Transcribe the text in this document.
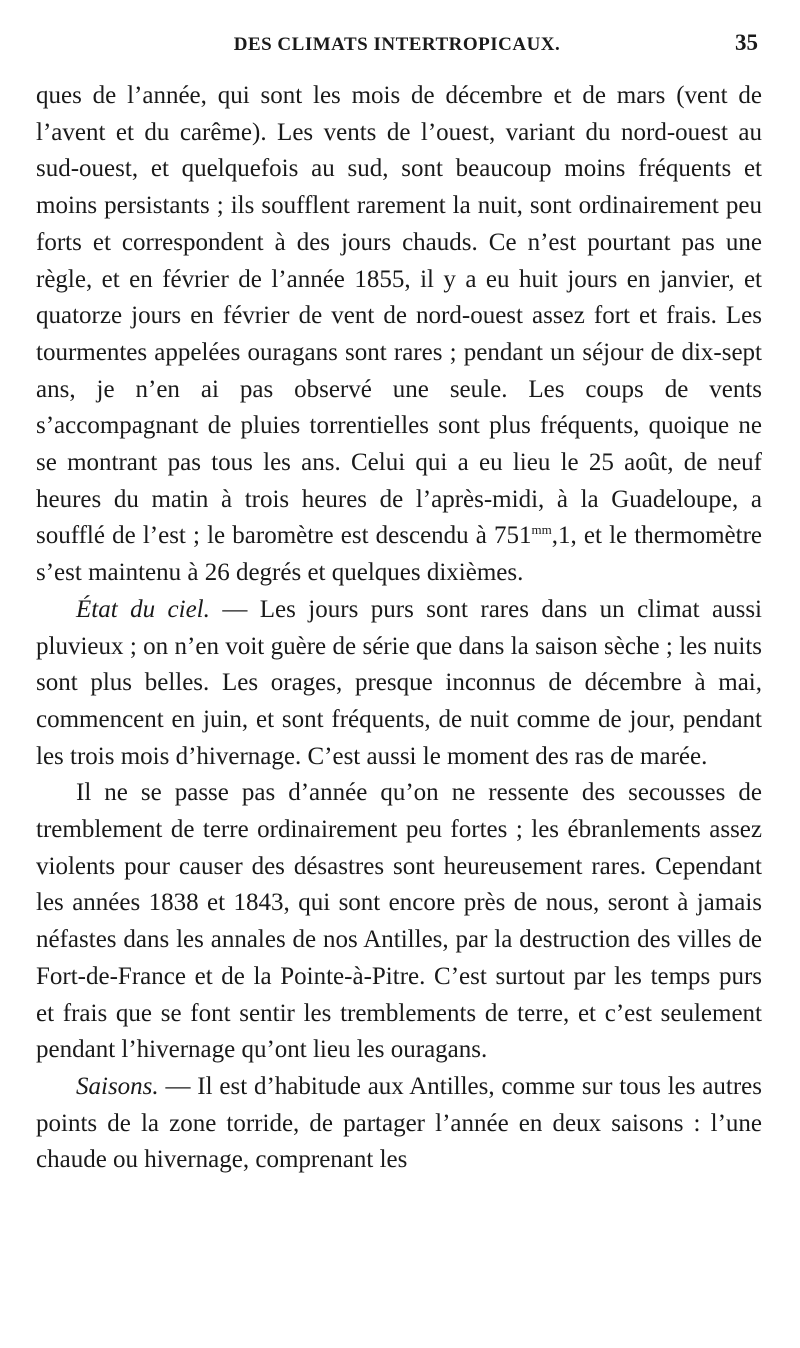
DES CLIMATS INTERTROPICAUX.	35

ques de l’année, qui sont les mois de décembre et de mars (vent de l’avent et du carême). Les vents de l’ouest, variant du nord-ouest au sud-ouest, et quelquefois au sud, sont beaucoup moins fréquents et moins persistants ; ils soufflent rarement la nuit, sont ordinairement peu forts et correspondent à des jours chauds. Ce n’est pourtant pas une règle, et en février de l’année 1855, il y a eu huit jours en janvier, et quatorze jours en février de vent de nord-ouest assez fort et frais. Les tourmentes appelées ouragans sont rares ; pendant un séjour de dix-sept ans, je n’en ai pas observé une seule. Les coups de vents s’accompagnant de pluies torrentielles sont plus fréquents, quoique ne se montrant pas tous les ans. Celui qui a eu lieu le 25 août, de neuf heures du matin à trois heures de l’après-midi, à la Guadeloupe, a soufflé de l’est ; le baromètre est descendu à $751^{mm},1$, et le thermomètre s’est maintenu à 26 degrés et quelques dixièmes.

État du ciel. — Les jours purs sont rares dans un climat aussi pluvieux ; on n’en voit guère de série que dans la saison sèche ; les nuits sont plus belles. Les orages, presque inconnus de décembre à mai, commencent en juin, et sont fréquents, de nuit comme de jour, pendant les trois mois d’hivernage. C’est aussi le moment des ras de marée.

Il ne se passe pas d’année qu’on ne ressente des secousses de tremblement de terre ordinairement peu fortes ; les ébranlements assez violents pour causer des désastres sont heureusement rares. Cependant les années 1838 et 1843, qui sont encore près de nous, seront à jamais néfastes dans les annales de nos Antilles, par la destruction des villes de Fort-de-France et de la Pointe-à-Pitre. C’est surtout par les temps purs et frais que se font sentir les tremblements de terre, et c’est seulement pendant l’hivernage qu’ont lieu les ouragans.

Saisons. — Il est d’habitude aux Antilles, comme sur tous les autres points de la zone torride, de partager l’année en deux saisons : l’une chaude ou hivernage, comprenant les
